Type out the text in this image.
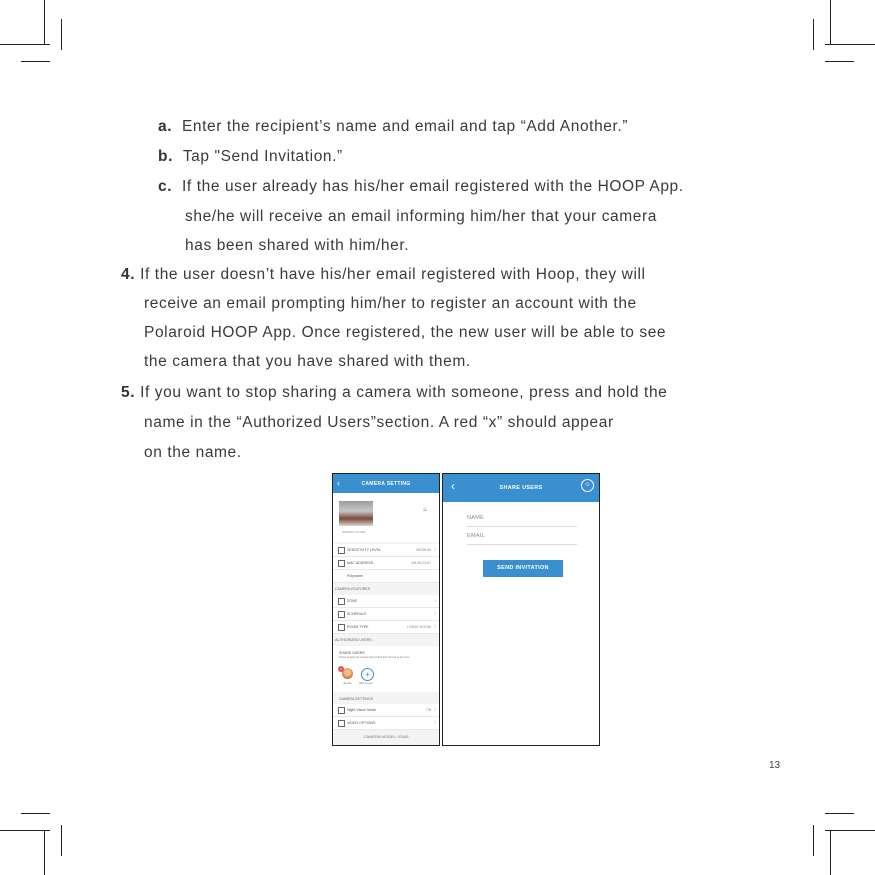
a. Enter the recipient’s name and email and tap “Add Another.”
b. Tap "Send Invitation.”
c. If the user already has his/her email registered with the HOOP App.
she/he will receive an email informing him/her that your camera
has been shared with him/her.
4. If the user doesn’t have his/her email registered with Hoop, they will
receive an email prompting him/her to register an account with the
Polaroid HOOP App. Once registered, the new user will be able to see
the camera that you have shared with them.
5. If you want to stop sharing a camera with someone, press and hold the
name in the “Authorized Users”section. A red “x” should appear
on the name.
‹	CAMERA SETTING
WAKATU YUYEE
≈
SENSITIVITY LEVEL	MEDIUM ›
MAC ADDRESS	AB:45:23:67
Polyname
CAMERA FEATURES
ZONE	›
SCHEDULE	›
ROOM TYPE	LIVING ROOM ›
AUTHORIZED USERS
SHARE USERS
These people can access and control this camera at any time
×
Jennie
+
add a user
CAMERA SETTINGS
Night Vision Mode	Off ›
VIDEO OPTIONS	›
CAMERA MODEL: IS345
‹	SHARE USERS	☺
NAME
EMAIL
SEND INVITATION
13
